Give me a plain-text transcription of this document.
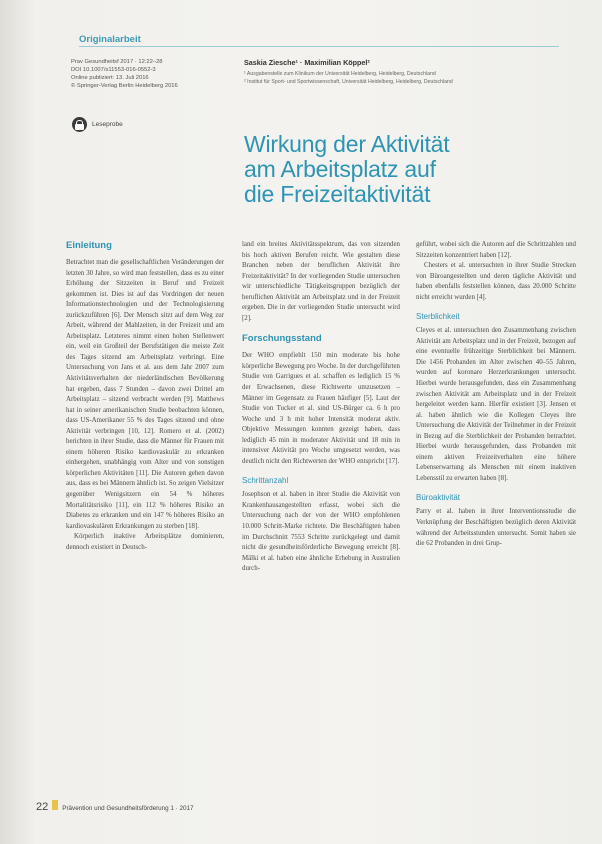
Originalarbeit
Prav Gesundheitsf 2017 · 12:22–28
DOI 10.1007/s11553-016-0552-3
Online publiziert: 13. Juli 2016
© Springer-Verlag Berlin Heidelberg 2016
Saskia Ziesche¹ · Maximilian Köppel²
¹ Ausgabenstelle zum Klinikum der Universität Heidelberg, Heidelberg, Deutschland
² Institut für Sport- und Sportwissenschaft, Universität Heidelberg, Heidelberg, Deutschland
Leseprobe
Wirkung der Aktivität
am Arbeitsplatz auf
die Freizeitaktivität
Einleitung

Betrachtet man die gesellschaftlichen Veränderungen der letzten 30 Jahre, so wird man feststellen, dass es zu einer Erhöhung der Sitzzeiten in Beruf und Freizeit gekommen ist. Dies ist auf das Vordringen der neuen Informationstechnologien und der Technologisierung zurückzuführen [6]. Der Mensch sitzt auf dem Weg zur Arbeit, während der Mahlzeiten, in der Freizeit und am Arbeitsplatz. Letzteres nimmt einen hohen Stellenwert ein, weil ein Großteil der Berufstätigen die meiste Zeit des Tages sitzend am Arbeitsplatz verbringt. Eine Untersuchung von Jans et al. aus dem Jahr 2007 zum Aktivitätsverhalten der niederländischen Bevölkerung hat ergeben, dass 7 Stunden – davon zwei Drittel am Arbeitsplatz – sitzend verbracht werden [9]. Matthews hat in seiner amerikanischen Studie beobachten können, dass US-Amerikaner 55 % des Tages sitzend und ohne Aktivität verbringen [10, 12]. Romero et al. (2002) berichten in ihrer Studie, dass die Männer für Frauen mit einem höheren Risiko kardiovaskulär zu erkranken einhergehen, unabhängig vom Alter und von sonstigen körperlichen Aktivitäten [11]. Die Autoren gehen davon aus, dass es bei Männern ähnlich ist. So zeigen Vielsitzer gegenüber Wenigsitzern ein 54 % höheres Mortalitätsrisiko [11], ein 112 % höheres Risiko an Diabetes zu erkranken und ein 147 % höheres Risiko an kardiovaskulären Erkrankungen zu sterben [18].

Körperlich inaktive Arbeitsplätze dominieren, dennoch existiert in Deutsch-

land ein breites Aktivitätsspektrum, das von sitzenden bis hoch aktiven Berufen reicht. Wie gestalten diese Branchen neben der beruflichen Aktivität ihre Freizeitaktivität? In der vorliegenden Studie untersuchen wir unterschiedliche Tätigkeitsgruppen bezüglich der beruflichen Aktivität am Arbeitsplatz und in der Freizeit ergeben. Die in der vorliegenden Studie untersucht wird [2].

Forschungsstand

Der WHO empfiehlt 150 min moderate bis hohe körperliche Bewegung pro Woche. In der durchgeführten Studie von Garrigues et al. schaffen es lediglich 15 % der Erwachsenen, diese Richtwerte umzusetzen – Männer im Gegensatz zu Frauen häufiger [5]. Laut der Studie von Tucker et al. sind US-Bürger ca. 6 h pro Woche und 3 h mit hoher Intensität moderat aktiv. Objektive Messungen konnten gezeigt haben, dass lediglich 45 min in moderater Aktivität und 18 min in intensiver Aktivität pro Woche umgesetzt werden, was deutlich nicht den Richtwerten der WHO entspricht [17].

Schrittanzahl

Josephson et al. haben in ihrer Studie die Aktivität von Krankenhausangestellten erfasst, wobei sich die Untersuchung nach der von der WHO empfohlenen 10.000 Schritt-Marke richtete. Die Beschäftigten haben im Durchschnitt 7553 Schritte zurückgelegt und damit nicht die gesundheitsförderliche Bewegung erreicht [8]. Mälki et al. haben eine ähnliche Erhebung in Australien durch-

geführt, wobei sich die Autoren auf die Schrittzahlen und Sitzzeiten konzentriert haben [12].

Chesters et al. untersuchten in ihrer Studie Strecken von Büroangestellten und deren tägliche Aktivität und haben ebenfalls feststellen können, dass 20.000 Schritte nicht erreicht wurden [4].

Sterblichkeit

Cleyes et al. untersuchten den Zusammenhang zwischen Aktivität am Arbeitsplatz und in der Freizeit, bezogen auf eine eventuelle frühzeitige Sterblichkeit bei Männern. Die 1456 Probanden im Alter zwischen 40–55 Jahren, wurden auf koronare Herzerkrankungen untersucht. Hierbei wurde herausgefunden, dass ein Zusammenhang zwischen Aktivität am Arbeitsplatz und in der Freizeit hergeleitet werden kann. Hierfür existiert [3]. Jensen et al. haben ähnlich wie die Kollegen Cleyes ihre Untersuchung die Aktivität der Teilnehmer in der Freizeit in Bezug auf die Sterblichkeit der Probanden betrachtet. Hierbei wurde herausgefunden, dass Probanden mit einem aktiven Freizeitverhalten eine höhere Lebenserwartung als Menschen mit einem inaktiven Lebensstil zu erwarten haben [8].

Büroaktivität

Parry et al. haben in ihrer Interventionsstudie die Verknüpfung der Beschäftigten bezüglich deren Aktivität während der Arbeitsstunden untersucht. Somit haben sie die 62 Probanden in drei Grup-

22 Prävention und Gesundheitsförderung 1 · 2017
